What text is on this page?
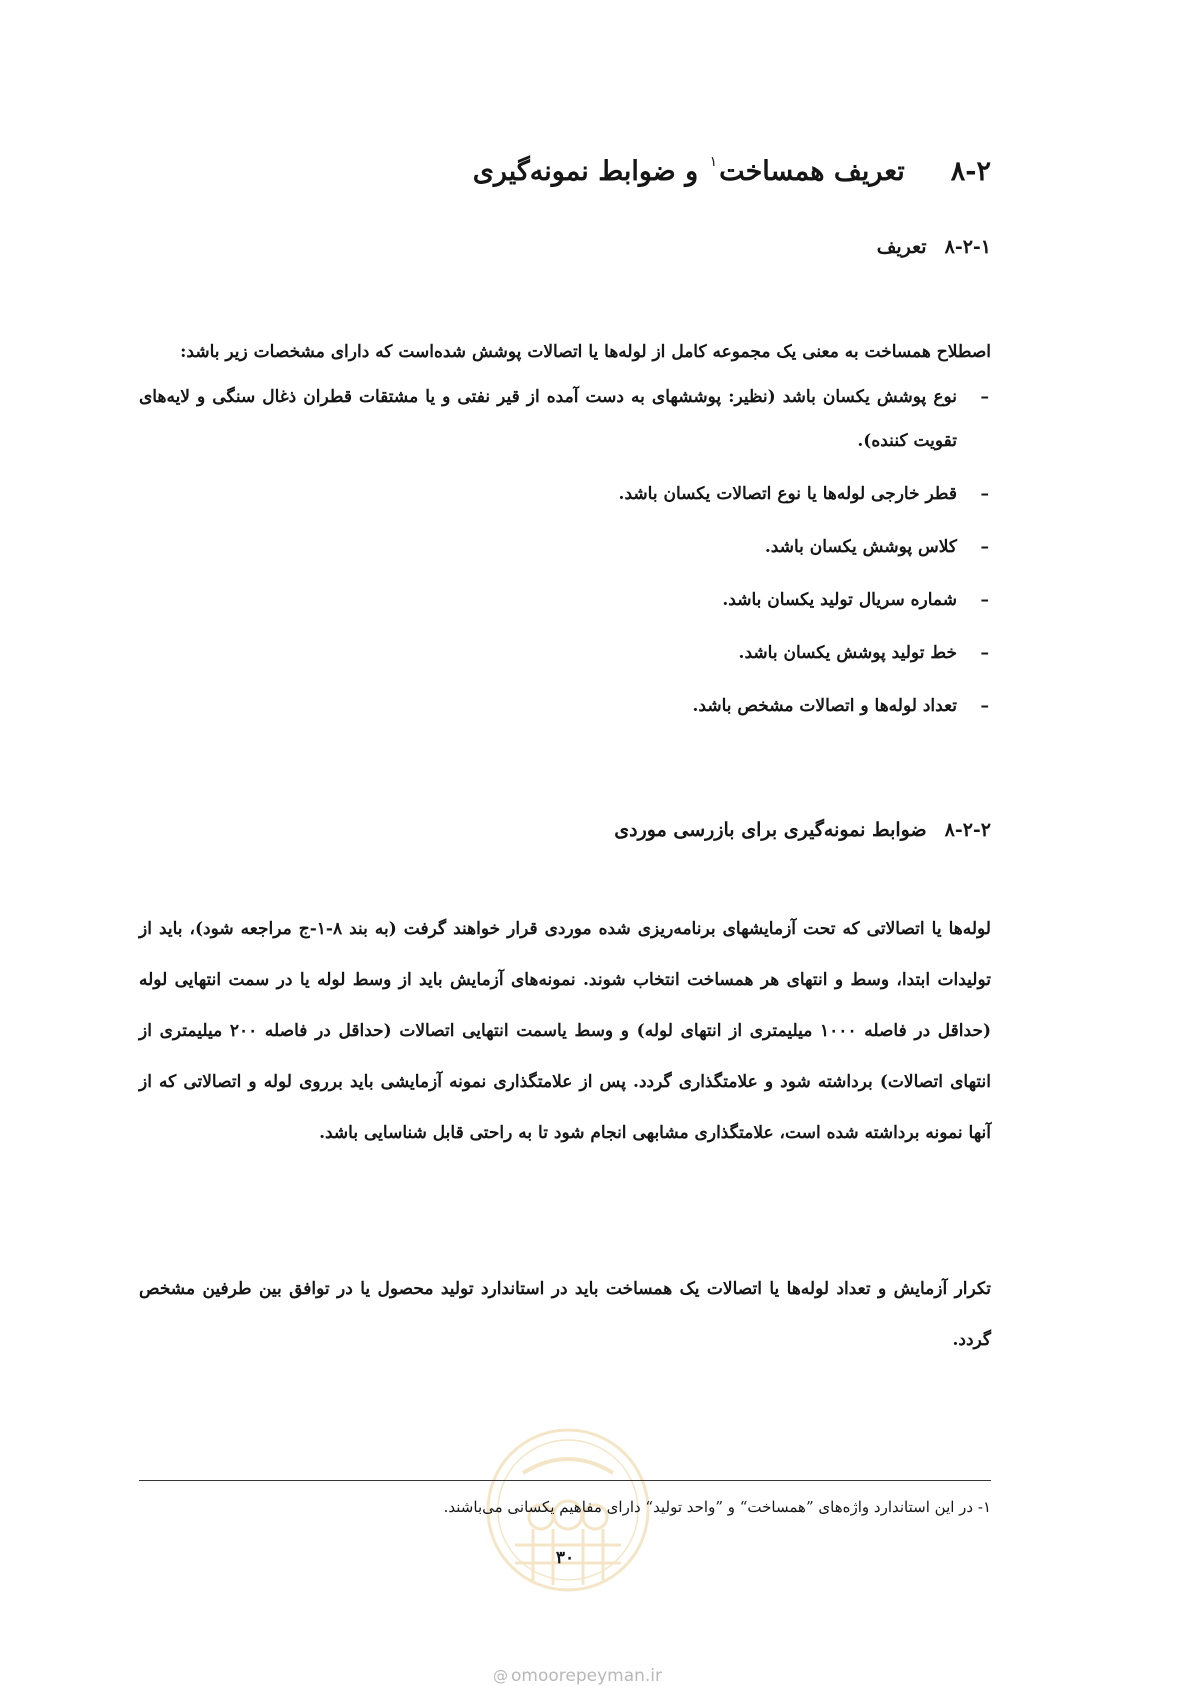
۸-۲تعریف همساخت$^۱$ و ضوابط نمونه‌گیری
۸-۲-۱تعریف

اصطلاح همساخت به معنی یک مجموعه کامل از لوله‌ها یا اتصالات پوشش شده‌است که دارای مشخصات زیر باشد:

–
نوع پوشش یکسان باشد (نظیر: پوششهای به دست آمده از قیر نفتی و یا مشتقات قطران ذغال سنگی و لایه‌های تقویت کننده).
–
قطر خارجی لوله‌ها یا نوع اتصالات یکسان باشد.
–
کلاس پوشش یکسان باشد.
–
شماره سریال تولید یکسان باشد.
–
خط تولید پوشش یکسان باشد.
–
تعداد لوله‌ها و اتصالات مشخص باشد.
۸-۲-۲ضوابط نمونه‌گیری برای بازرسی موردی

لوله‌ها یا اتصالاتی که تحت آزمایشهای برنامه‌ریزی شده موردی قرار خواهند گرفت (به بند ۸-۱-ج مراجعه شود)، باید از تولیدات ابتدا، وسط و انتهای هر همساخت انتخاب شوند. نمونه‌های آزمایش باید از وسط لوله یا در سمت انتهایی لوله (حداقل در فاصله ۱۰۰۰ میلیمتری از انتهای لوله) و وسط یاسمت انتهایی اتصالات (حداقل در فاصله ۲۰۰ میلیمتری از انتهای اتصالات) برداشته شود و علامتگذاری گردد. پس از علامتگذاری نمونه آزمایشی باید برروی لوله و اتصالاتی که از آنها نمونه برداشته شده است، علامتگذاری مشابهی انجام شود تا به راحتی قابل شناسایی باشد.

تکرار آزمایش و تعداد لوله‌ها یا اتصالات یک همساخت باید در استاندارد تولید محصول یا در توافق بین طرفین مشخص گردد.

۱- در این استاندارد واژه‌های ”همساخت“ و ”واحد تولید“ دارای مفاهیم یکسانی می‌باشند.

۳۰
@ omoorepeyman.ir
